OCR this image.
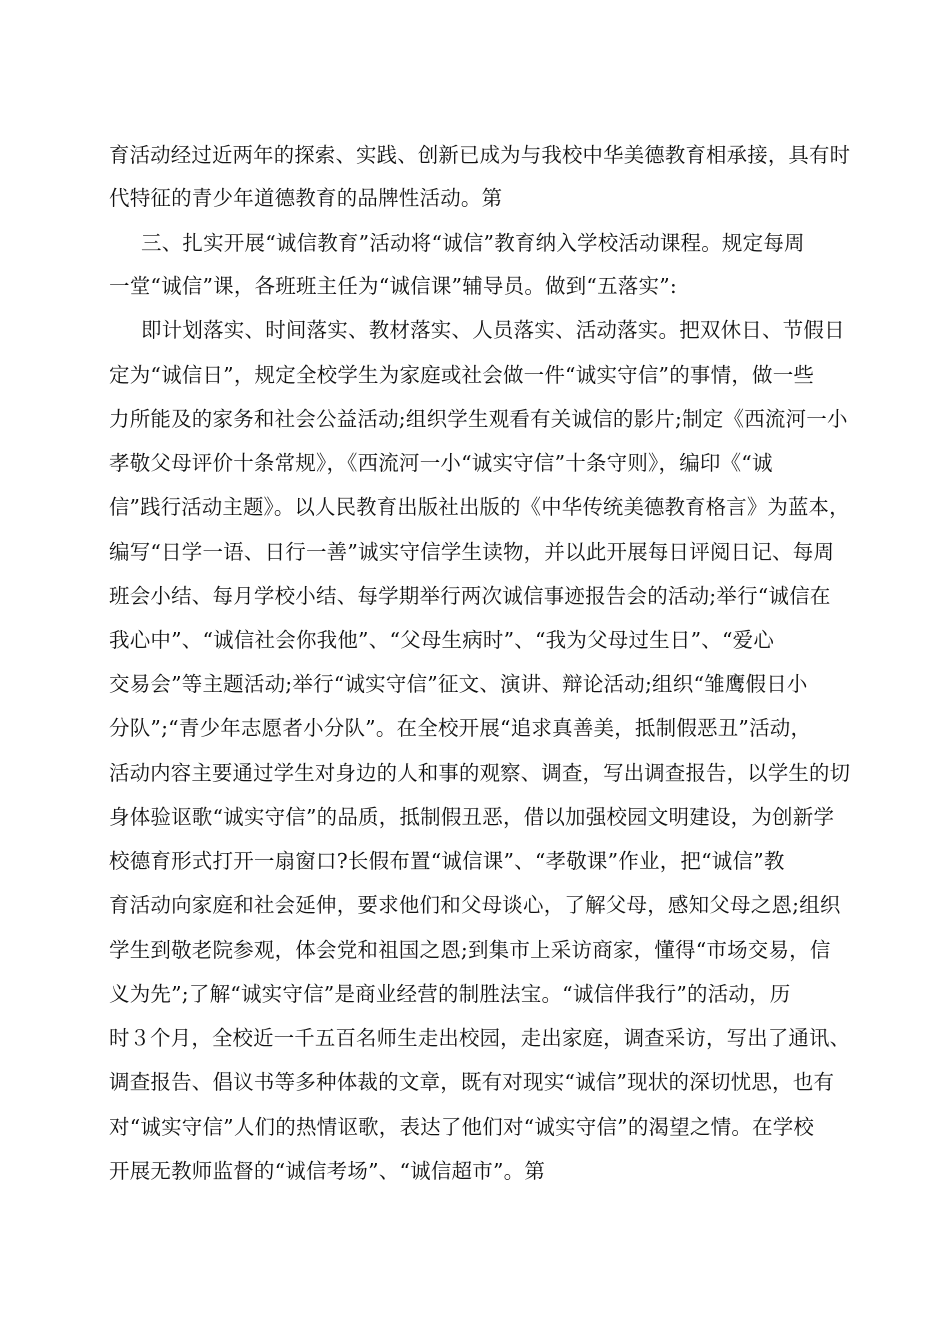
育活动经过近两年的探索、实践、创新已成为与我校中华美德教育相承接，具有时
代特征的青少年道德教育的品牌性活动。第
三、扎实开展“诚信教育”活动将“诚信”教育纳入学校活动课程。规定每周
一堂“诚信”课，各班班主任为“诚信课”辅导员。做到“五落实”:
即计划落实、时间落实、教材落实、人员落实、活动落实。把双休日、节假日
定为“诚信日”，规定全校学生为家庭或社会做一件“诚实守信”的事情，做一些
力所能及的家务和社会公益活动;组织学生观看有关诚信的影片;制定《西流河一小
孝敬父母评价十条常规》，《西流河一小“诚实守信”十条守则》，编印《“诚
信”践行活动主题》。以人民教育出版社出版的《中华传统美德教育格言》为蓝本，
编写“日学一语、日行一善”诚实守信学生读物，并以此开展每日评阅日记、每周
班会小结、每月学校小结、每学期举行两次诚信事迹报告会的活动;举行“诚信在
我心中”、“诚信社会你我他”、“父母生病时”、“我为父母过生日”、“爱心
交易会”等主题活动;举行“诚实守信”征文、演讲、辩论活动;组织“雏鹰假日小
分队”;“青少年志愿者小分队”。在全校开展“追求真善美，抵制假恶丑”活动，
活动内容主要通过学生对身边的人和事的观察、调查，写出调查报告，以学生的切
身体验讴歌“诚实守信”的品质，抵制假丑恶，借以加强校园文明建设，为创新学
校德育形式打开一扇窗口?长假布置“诚信课”、“孝敬课”作业，把“诚信”教
育活动向家庭和社会延伸，要求他们和父母谈心，了解父母，感知父母之恩;组织
学生到敬老院参观，体会党和祖国之恩;到集市上采访商家，懂得“市场交易，信
义为先”;了解“诚实守信”是商业经营的制胜法宝。“诚信伴我行”的活动，历
时３个月，全校近一千五百名师生走出校园，走出家庭，调查采访，写出了通讯、
调查报告、倡议书等多种体裁的文章，既有对现实“诚信”现状的深切忧思，也有
对“诚实守信”人们的热情讴歌，表达了他们对“诚实守信”的渴望之情。在学校
开展无教师监督的“诚信考场”、“诚信超市”。第
